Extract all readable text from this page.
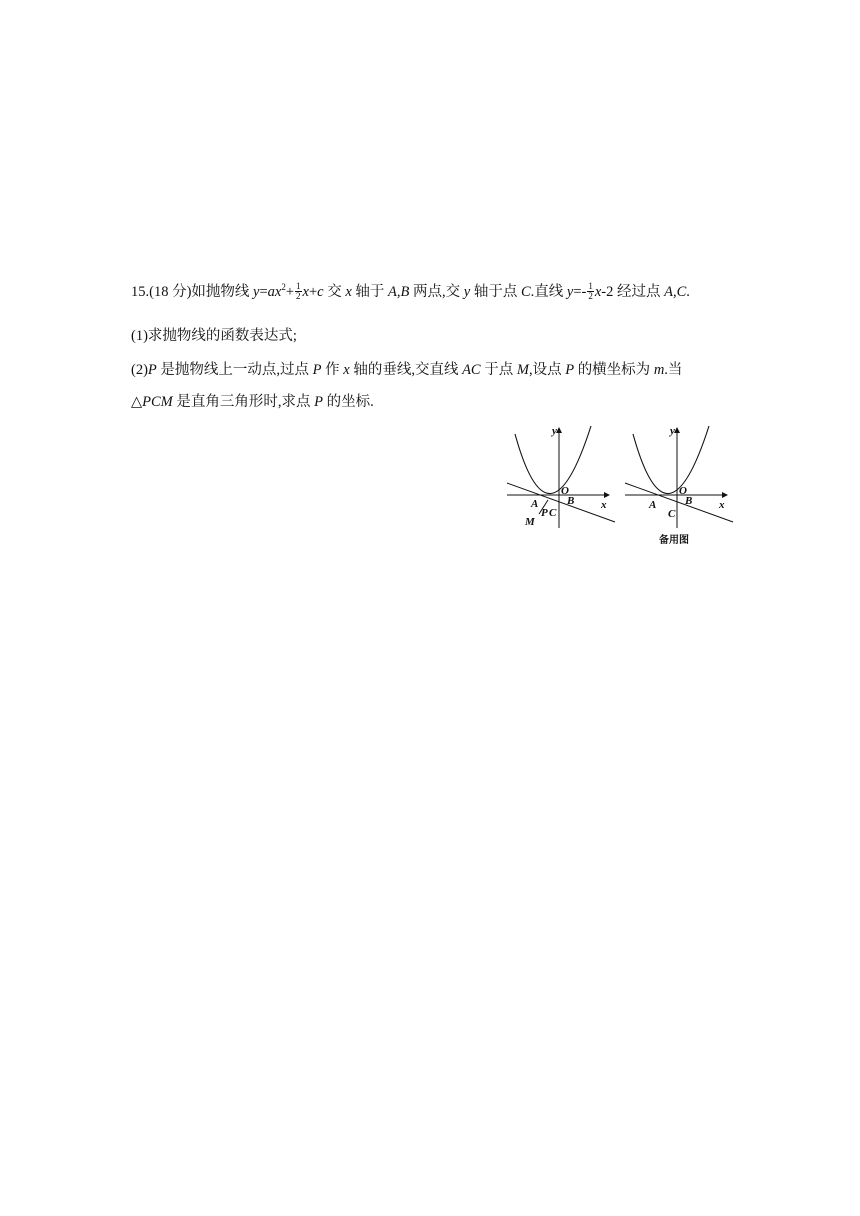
15.(18 分)如抛物线 $y=ax^2+ \frac{1}{2} x+c$ 交 x 轴于 A,B 两点,交 y 轴于点 C.直线 $y=- \frac{1}{2} x-2$ 经过点 A,C.
(1)求抛物线的函数表达式;
(2)P 是抛物线上一动点,过点 P 作 x 轴的垂线,交直线 AC 于点 M,设点 P 的横坐标为 m.当
△PCM 是直角三角形时,求点 P 的坐标.
y
x
O
A	B
P C
M
y
x
O
A	B
C
备用图
